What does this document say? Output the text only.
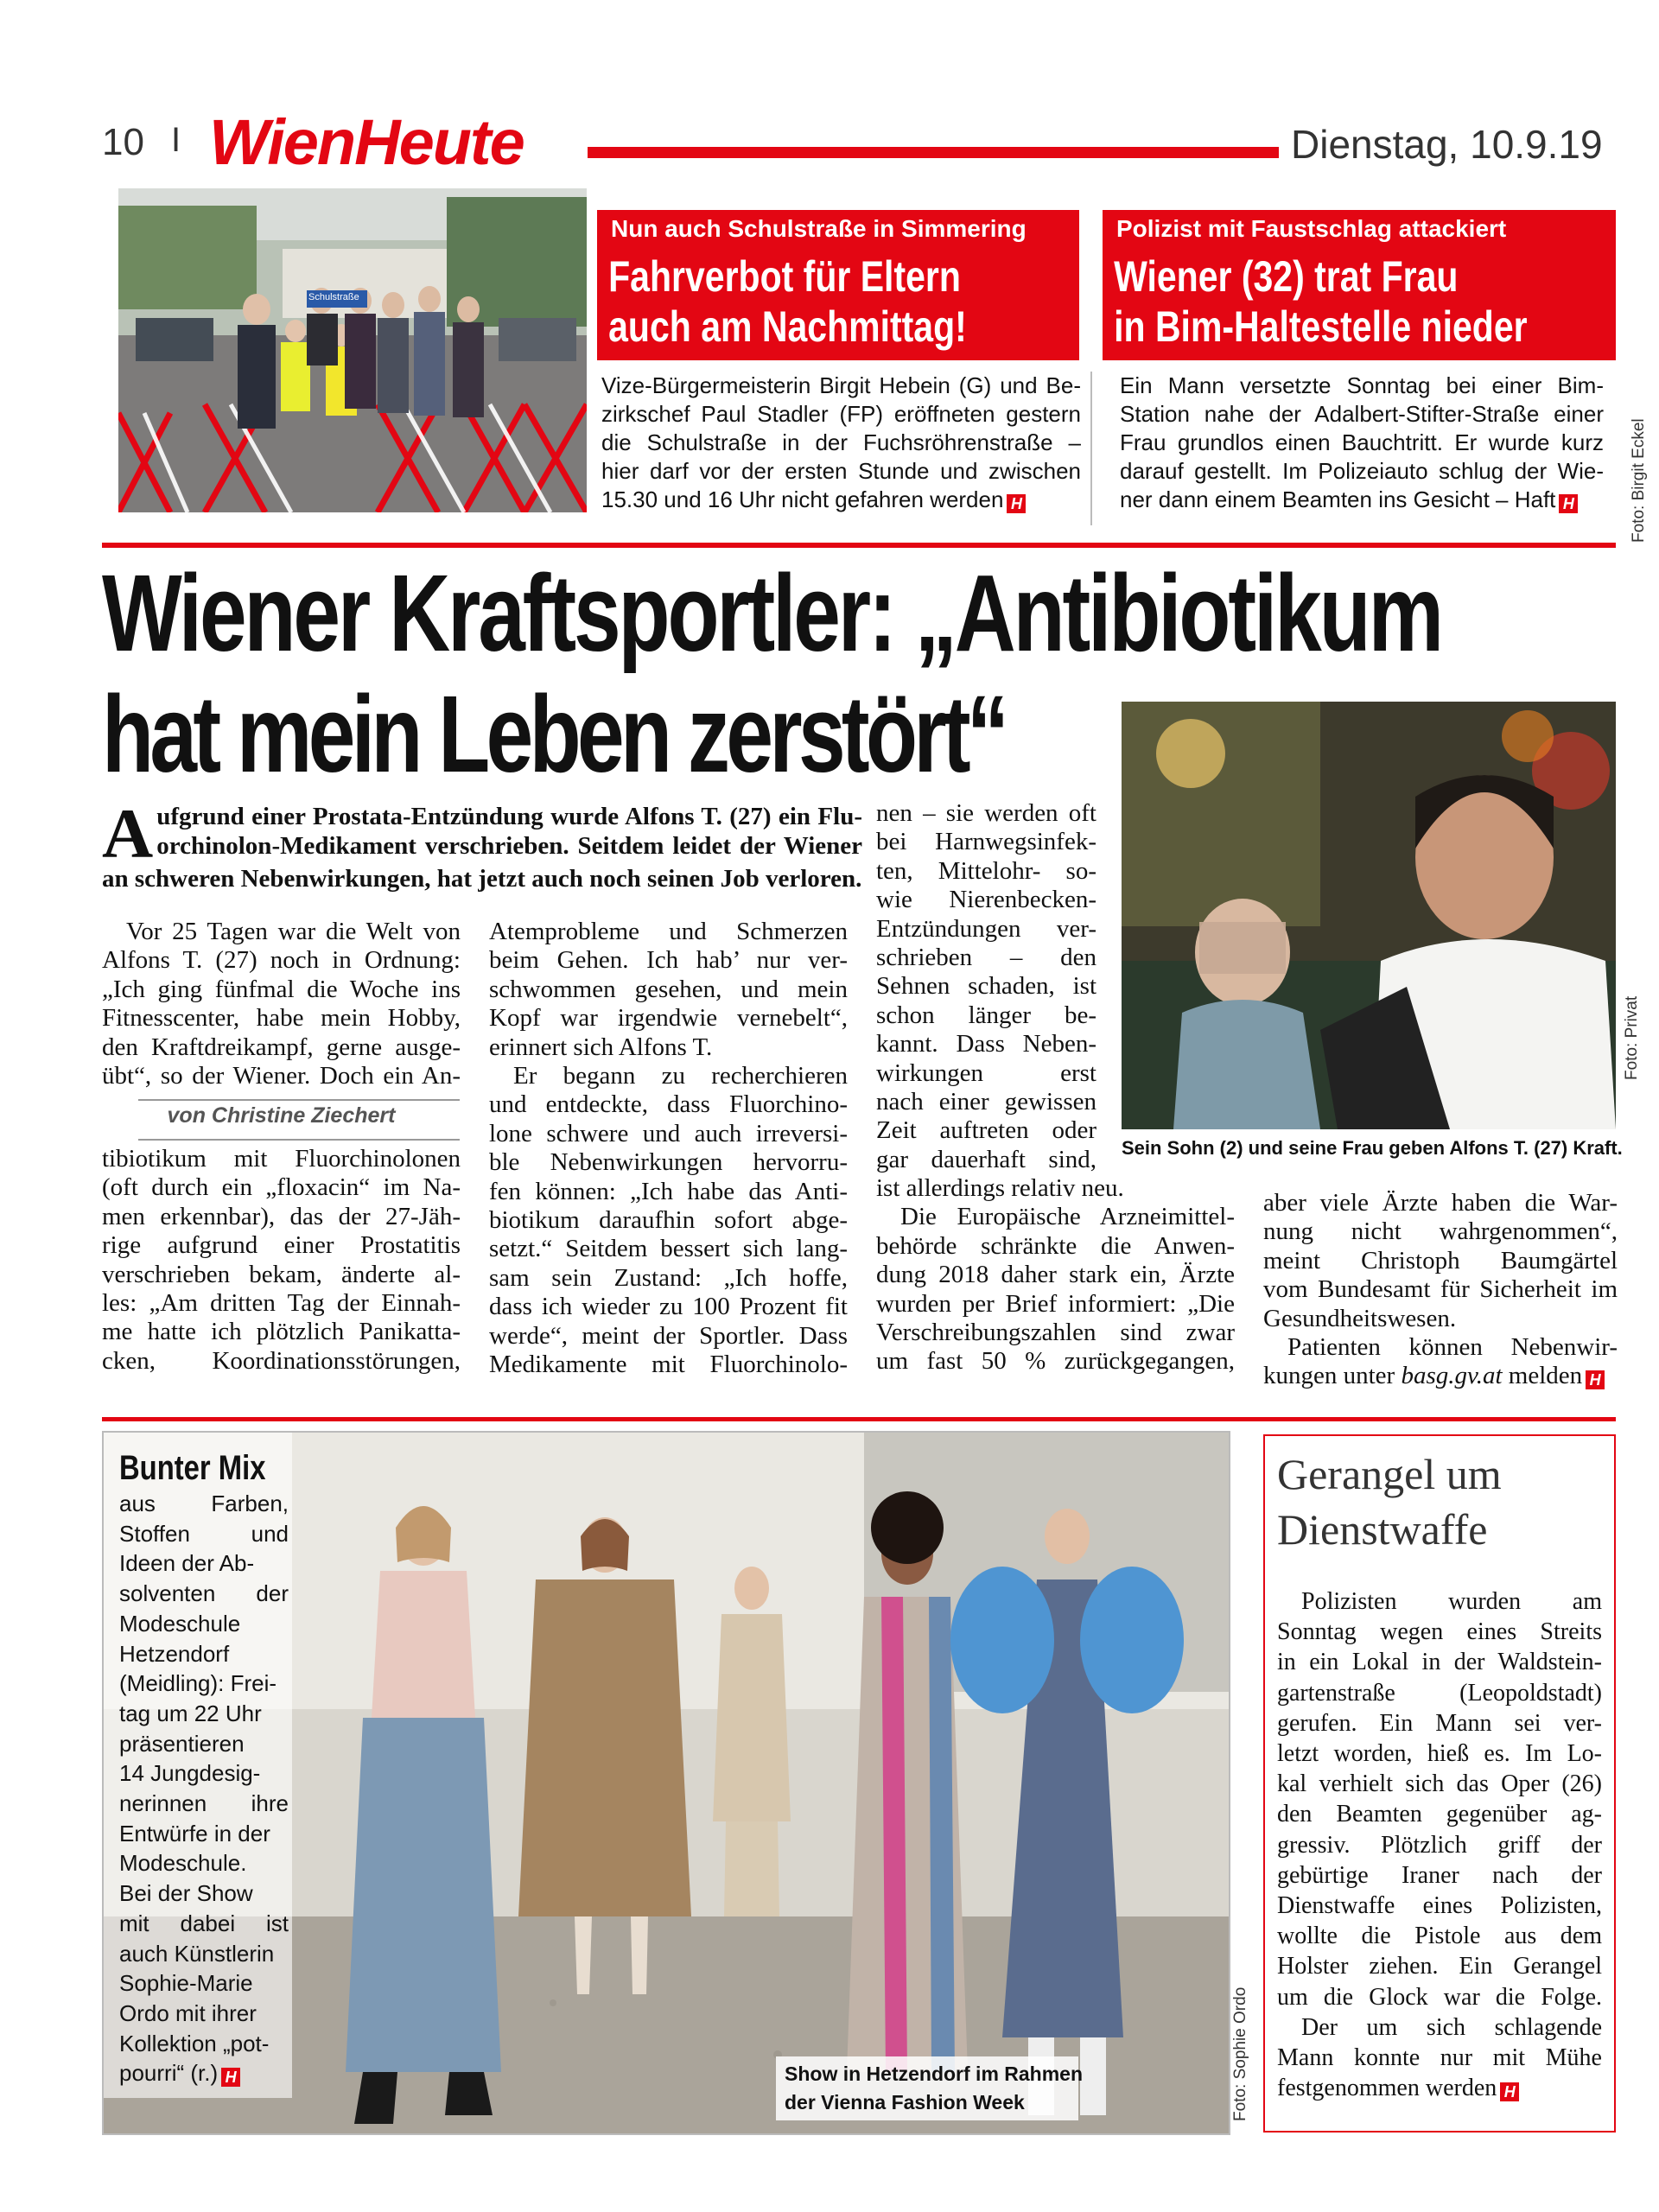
10 I WienHeute	Dienstag, 10.9.19
Schulstraße
Nun auch Schulstraße in Simmering
Fahrverbot für Eltern
auch am Nachmittag!
Vize-Bürgermeisterin Birgit Hebein (G) und Be-
zirkschef Paul Stadler (FP) eröffneten gestern
die Schulstraße in der Fuchsröhrenstraße –
hier darf vor der ersten Stunde und zwischen
15.30 und 16 Uhr nicht gefahren werden H
Polizist mit Faustschlag attackiert
Wiener (32) trat Frau
in Bim-Haltestelle nieder
Ein Mann versetzte Sonntag bei einer Bim-
Station nahe der Adalbert-Stifter-Straße einer
Frau grundlos einen Bauchtritt. Er wurde kurz
darauf gestellt. Im Polizeiauto schlug der Wie-
ner dann einem Beamten ins Gesicht – Haft H	Foto: Birgit Eckel
Wiener Kraftsportler: „Antibiotikum
hat mein Leben zerstört“
A ufgrund einer Prostata-Entzündung wurde Alfons T. (27) ein Flu-
orchinolon-Medikament verschrieben. Seitdem leidet der Wiener
an schweren Nebenwirkungen, hat jetzt auch noch seinen Job verloren.
Vor 25 Tagen war die Welt von
Alfons T. (27) noch in Ordnung:
„Ich ging fünfmal die Woche ins
Fitnesscenter, habe mein Hobby,
den Kraftdreikampf, gerne ausge-
übt“, so der Wiener. Doch ein An-
von Christine Ziechert
tibiotikum mit Fluorchinolonen
(oft durch ein „floxacin“ im Na-
men erkennbar), das der 27-Jäh-
rige aufgrund einer Prostatitis
verschrieben bekam, änderte al-
les: „Am dritten Tag der Einnah-
me hatte ich plötzlich Panikatta-
cken, Koordinationsstörungen,
Atemprobleme und Schmerzen
beim Gehen. Ich hab’ nur ver-
schwommen gesehen, und mein
Kopf war irgendwie vernebelt“,
erinnert sich Alfons T.
Er begann zu recherchieren
und entdeckte, dass Fluorchino-
lone schwere und auch irreversi-
ble Nebenwirkungen hervorru-
fen können: „Ich habe das Anti-
biotikum daraufhin sofort abge-
setzt.“ Seitdem bessert sich lang-
sam sein Zustand: „Ich hoffe,
dass ich wieder zu 100 Prozent fit
werde“, meint der Sportler. Dass
Medikamente mit Fluorchinolo-
nen – sie werden oft
bei Harnwegsinfek-
ten, Mittelohr- so-
wie Nierenbecken-
Entzündungen ver-
schrieben – den
Sehnen schaden, ist
schon länger be-
kannt. Dass Neben-
wirkungen erst
nach einer gewissen
Zeit auftreten oder
gar dauerhaft sind,
ist allerdings relativ neu.
Die Europäische Arzneimittel-
behörde schränkte die Anwen-
dung 2018 daher stark ein, Ärzte
wurden per Brief informiert: „Die
Verschreibungszahlen sind zwar
um fast 50 % zurückgegangen,
Foto: Privat
Sein Sohn (2) und seine Frau geben Alfons T. (27) Kraft.
aber viele Ärzte haben die War-
nung nicht wahrgenommen“,
meint Christoph Baumgärtel
vom Bundesamt für Sicherheit im
Gesundheitswesen.
Patienten können Nebenwir-
kungen unter basg.gv.at melden H
Bunter Mix
aus Farben,
Stoffen und
Ideen der Ab-
solventen der
Modeschule
Hetzendorf
(Meidling): Frei-
tag um 22 Uhr
präsentieren
14 Jungdesig-
nerinnen ihre
Entwürfe in der
Modeschule.
Bei der Show
mit dabei ist
auch Künstlerin
Sophie-Marie
Ordo mit ihrer
Kollektion „pot-
pourri“ (r.) H	Show in Hetzendorf im Rahmen
der Vienna Fashion Week	Foto: Sophie Ordo
Gerangel um
Dienstwaffe
Polizisten wurden am
Sonntag wegen eines Streits
in ein Lokal in der Waldstein-
gartenstraße (Leopoldstadt)
gerufen. Ein Mann sei ver-
letzt worden, hieß es. Im Lo-
kal verhielt sich das Oper (26)
den Beamten gegenüber ag-
gressiv. Plötzlich griff der
gebürtige Iraner nach der
Dienstwaffe eines Polizisten,
wollte die Pistole aus dem
Holster ziehen. Ein Gerangel
um die Glock war die Folge.
Der um sich schlagende
Mann konnte nur mit Mühe
festgenommen werden H
